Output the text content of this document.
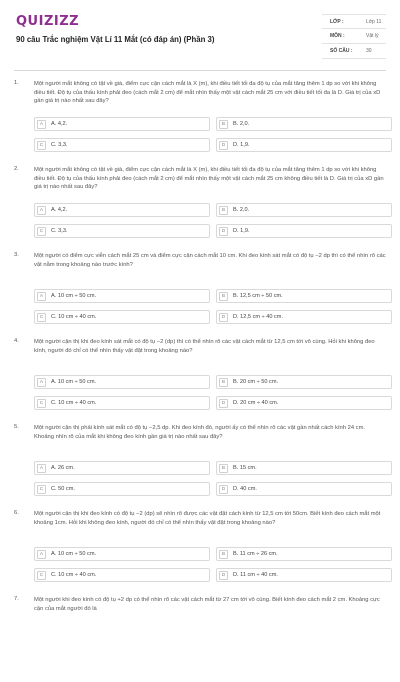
QUIZIZZ
90 câu Trắc nghiệm Vật Lí 11 Mắt (có đáp án) (Phần 3)
LỚP :	Lớp 11
MÔN :	Vật lý
SỐ CÂU :	30
1.	Một người mắt không có tật về già, điểm cực cận cách mắt là X (m), khi điều tiết tối đa độ tụ của mắt tăng thêm 1 dp so với khi không điều tiết. Độ tụ của thấu kính phải đeo (cách mắt 2 cm) để mắt nhìn thấy một vật cách mắt 25 cm với điều tiết tối đa là D. Giá trị của xD gần giá trị nào nhất sau đây?
A	A. 4,2.	B	B. 2,0.
C	C. 3,3.	D	D. 1,9.
2.	Một người mắt không có tật về già, điểm cực cận cách mắt là X (m), khi điều tiết tối đa độ tụ của mắt tăng thêm 1 dp so với khi không điều tiết. Độ tụ của thấu kính phải đeo (cách mắt 2 cm) để mắt nhìn thấy một vật cách mắt 25 cm không điều tiết là D. Giá trị của xD gần giá trị nào nhất sau đây?
A	A. 4,2.	B	B. 2,0.
C	C. 3,3.	D	D. 1,9.
3.	Một người có điểm cực viễn cách mắt 25 cm và điểm cực cận cách mắt 10 cm. Khi đeo kính sát mắt có độ tụ −2 dp thì có thể nhìn rõ các vật nằm trong khoảng nào trước kính?
A	A. 10 cm ÷ 50 cm.	B	B. 12,5 cm ÷ 50 cm.
C	C. 10 cm ÷ 40 cm.	D	D. 12,5 cm ÷ 40 cm.
4.	Một người cận thị khi đeo kính sát mắt có độ tụ −2 (dp) thì có thể nhìn rõ các vật cách mắt từ 12,5 cm tới vô cùng. Hỏi khi không đeo kính, người đó chỉ có thể nhìn thấy vật đặt trong khoảng nào?
A	A. 10 cm ÷ 50 cm.	B	B. 20 cm ÷ 50 cm.
C	C. 10 cm ÷ 40 cm.	D	D. 20 cm ÷ 40 cm.
5.	Một người cận thị phải kính sát mắt có độ tụ −2,5 dp. Khi đeo kính đó, người ấy có thể nhìn rõ các vật gần nhất cách kính 24 cm. Khoảng nhìn rõ của mắt khi không đeo kính gần giá trị nào nhất sau đây?
A	A. 26 cm.	B	B. 15 cm.
C	C. 50 cm.	D	D. 40 cm.
6.	Một người cận thị khi đeo kính có độ tụ −2 (dp) sẽ nhìn rõ được các vật đặt cách kính từ 12,5 cm tới 50cm. Biết kính đeo cách mắt một khoảng 1cm. Hỏi khi không đeo kính, người đó chỉ có thể nhìn thấy vật đặt trong khoảng nào?
A	A. 10 cm ÷ 50 cm.	B	B. 11 cm ÷ 26 cm.
C	C. 10 cm ÷ 40 cm.	D	D. 11 cm ÷ 40 cm.
7.	Một người khi đeo kính có độ tụ +2 dp có thể nhìn rõ các vật cách mắt từ 27 cm tới vô cùng. Biết kính đeo cách mắt 2 cm. Khoảng cực cận của mắt người đó là
